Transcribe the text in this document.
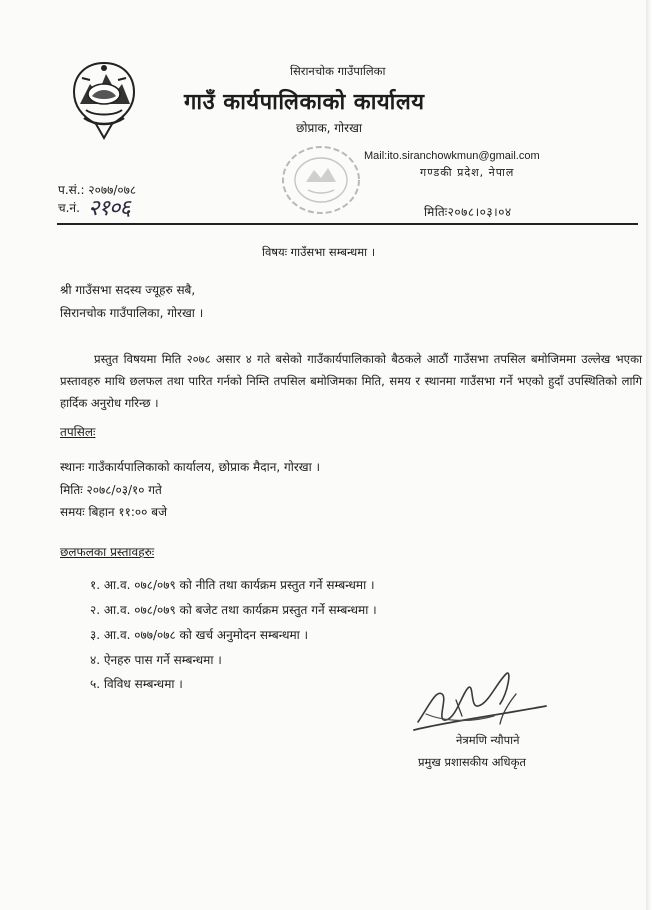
सिरानचोक गाउँपालिका
गाउँ कार्यपालिकाको कार्यालय
छोप्राक, गोरखा
Mail:ito.siranchowkmun@gmail.com
गण्डकी प्रदेश, नेपाल
प.सं.: २०७७/०७८
च.नं. २१०६	मितिः२०७८।०३।०४
विषयः गाउँसभा सम्बन्धमा ।
श्री गाउँसभा सदस्य ज्यूहरु सबै,
सिरानचोक गाउँपालिका, गोरखा ।
प्रस्तुत विषयमा मिति २०७८ असार ४ गते बसेको गाउँकार्यपालिकाको बैठकले आठौं गाउँसभा तपसिल बमोजिममा उल्लेख भएका प्रस्तावहरु माथि छलफल तथा पारित गर्नको निम्ति तपसिल बमोजिमका मिति, समय र स्थानमा गाउँसभा गर्ने भएको हुदाँ उपस्थितिको लागि हार्दिक अनुरोध गरिन्छ ।
तपसिलः
स्थानः गाउँकार्यपालिकाको कार्यालय, छोप्राक मैदान, गोरखा ।
मितिः २०७८/०३/१० गते
समयः बिहान ११:०० बजे
छलफलका प्रस्तावहरुः
१. आ.व. ०७८/०७९ को नीति तथा कार्यक्रम प्रस्तुत गर्ने सम्बन्धमा ।
२. आ.व. ०७८/०७९ को बजेट तथा कार्यक्रम प्रस्तुत गर्ने सम्बन्धमा ।
३. आ.व. ०७७/०७८ को खर्च अनुमोदन सम्बन्धमा ।
४. ऐनहरु पास गर्ने सम्बन्धमा ।
५. विविध सम्बन्धमा ।
नेत्रमणि न्यौपाने
प्रमुख प्रशासकीय अधिकृत
